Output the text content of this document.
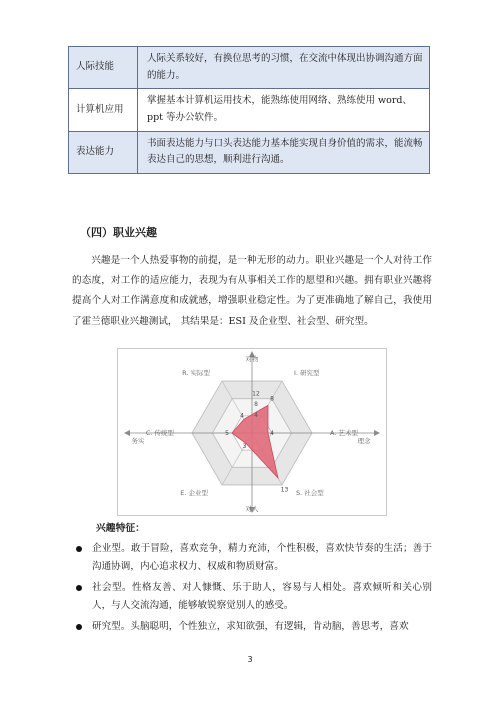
人际技能	人际关系较好，有换位思考的习惯，在交流中体现出协调沟通方面的能力。
计算机应用	掌握基本计算机运用技术，能熟练使用网络、熟练使用 word、ppt 等办公软件。
表达能力	书面表达能力与口头表达能力基本能实现自身价值的需求，能流畅表达自己的思想，顺利进行沟通。
（四）职业兴趣

兴趣是一个人热爱事物的前提，是一种无形的动力。职业兴趣是一个人对待工作的态度，对工作的适应能力，表现为有从事相关工作的愿望和兴趣。拥有职业兴趣将提高个人对工作满意度和成就感，增强职业稳定性。为了更准确地了解自己，我使用了霍兰德职业兴趣测试， 其结果是：ESI 及企业型、社会型、研究型。

8
4
13
3
5
4
12
8
4
I. 研究型
A. 艺术型
S. 社会型
E. 企业型
C. 传统型
R. 实际型
对物
对人
务实	理念
兴趣特征：
企业型。敢于冒险，喜欢竞争，精力充沛，个性积极，喜欢快节奏的生活；善于沟通协调，内心追求权力、权威和物质财富。
社会型。性格友善、对人慷慨、乐于助人，容易与人相处。喜欢倾听和关心别人，与人交流沟通，能够敏锐察觉别人的感受。
研究型。头脑聪明，个性独立，求知欲强，有逻辑，肯动脑，善思考，喜欢
3
